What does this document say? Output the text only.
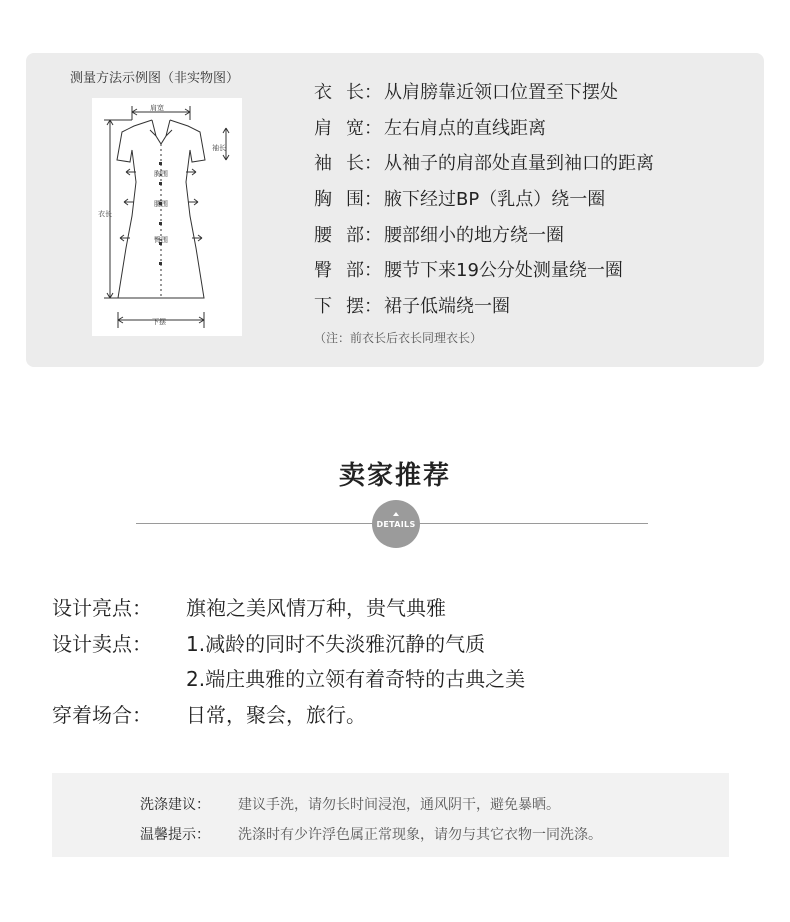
测量方法示例图（非实物图）
肩宽
袖长
胸围
腰围
臀围
衣长
下摆
衣 长 ： 从肩膀靠近领口位置至下摆处
肩 宽 ： 左右肩点的直线距离
袖 长 ： 从袖子的肩部处直量到袖口的距离
胸 围 ： 腋下经过BP（乳点）绕一圈
腰 部 ： 腰部细小的地方绕一圈
臀 部 ： 腰节下来19公分处测量绕一圈
下 摆 ： 裙子低端绕一圈
（注：前衣长后衣长同理衣长）
卖家推荐
DETAILS
设计亮点：	旗袍之美风情万种，贵气典雅
设计卖点：	1.减龄的同时不失淡雅沉静的气质
2.端庄典雅的立领有着奇特的古典之美
穿着场合：	日常，聚会，旅行。
洗涤建议： 建议手洗，请勿长时间浸泡，通风阴干，避免暴晒。
温馨提示： 洗涤时有少许浮色属正常现象，请勿与其它衣物一同洗涤。
